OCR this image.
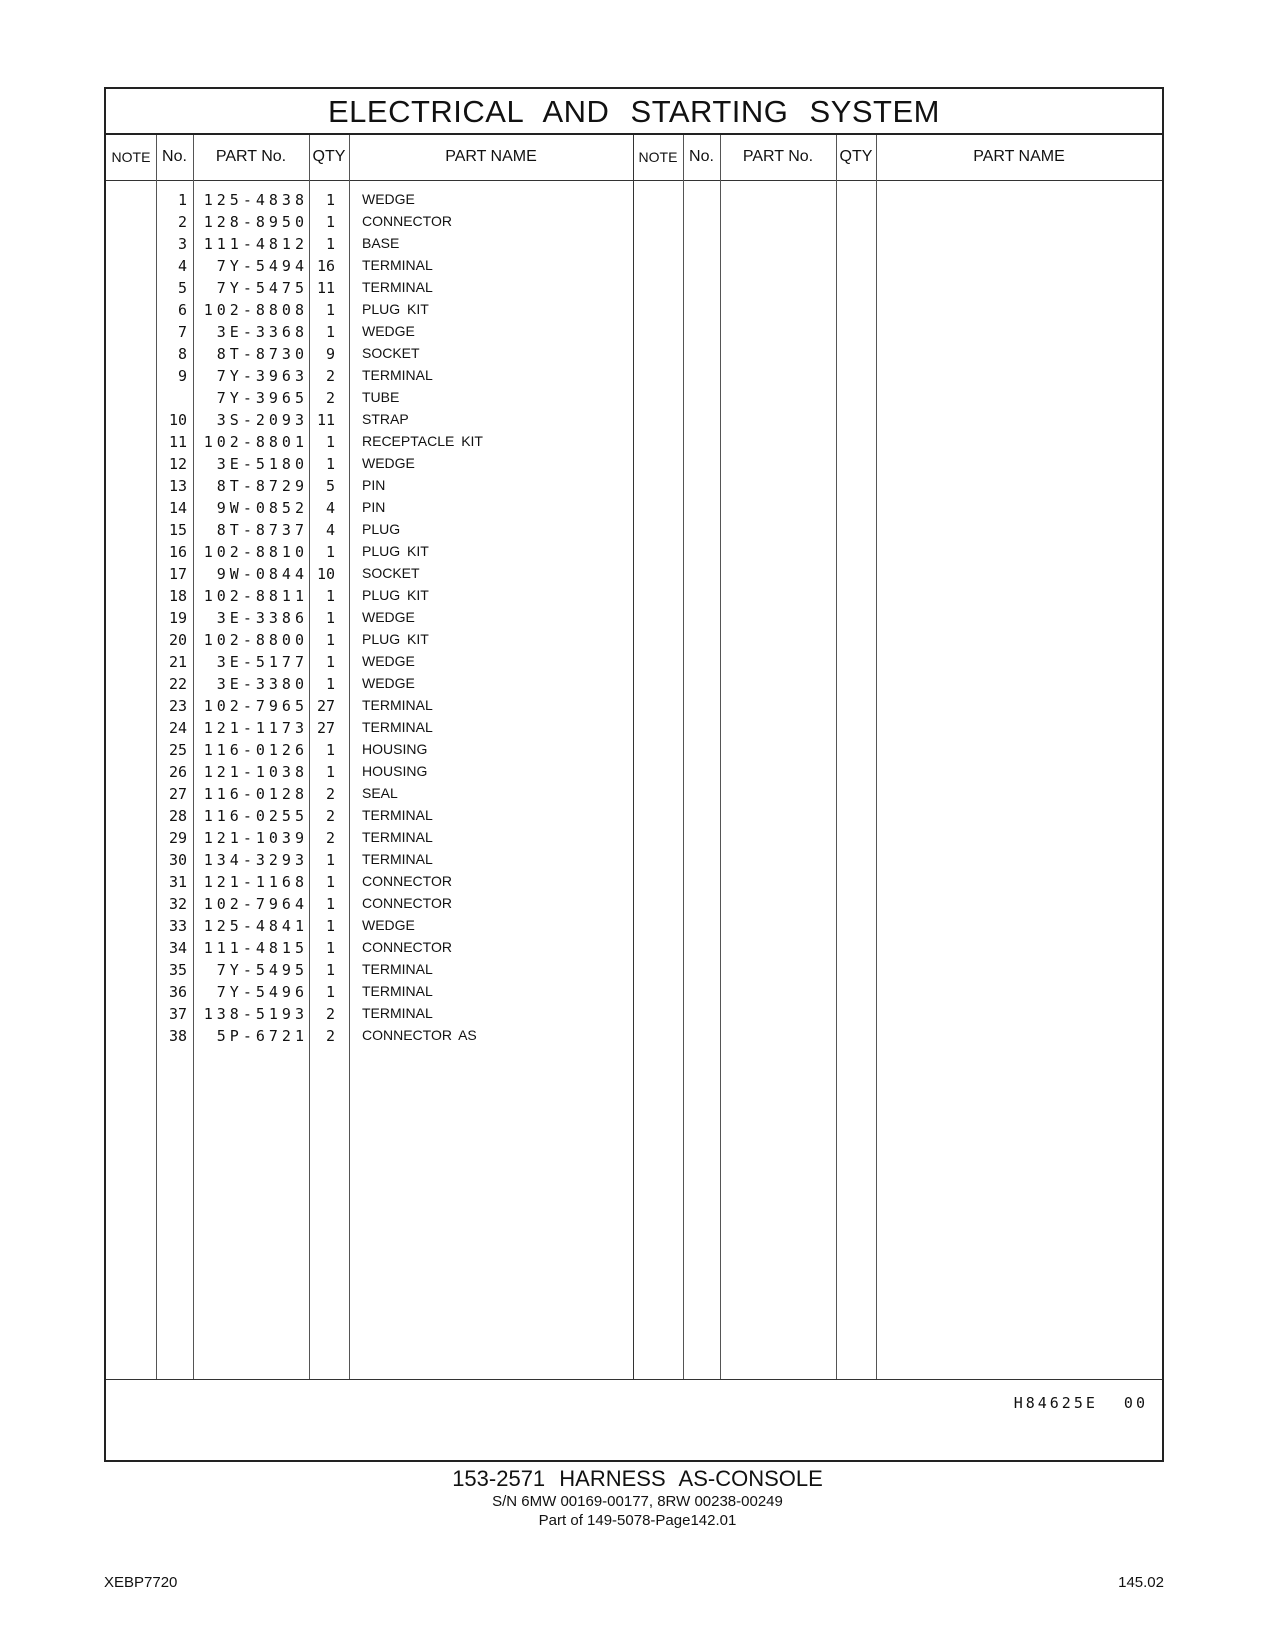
ELECTRICAL AND STARTING SYSTEM
NOTE No.	PART No.	QTY	PART NAME	NOTE No.	PART No.	QTY	PART NAME
1	125-4838	1 WEDGE
2	128-8950	1 CONNECTOR
3	111-4812	1 BASE
4	7Y-5494 16 TERMINAL
5	7Y-5475 11 TERMINAL
6	102-8808	1 PLUG KIT
7	3E-3368	1 WEDGE
8	8T-8730	9 SOCKET
9	7Y-3963	2 TERMINAL
7Y-3965	2 TUBE
10	3S-2093 11 STRAP
11	102-8801	1 RECEPTACLE KIT
12	3E-5180	1 WEDGE
13	8T-8729	5 PIN
14	9W-0852	4 PIN
15	8T-8737	4 PLUG
16	102-8810	1 PLUG KIT
17	9W-0844 10 SOCKET
18	102-8811	1 PLUG KIT
19	3E-3386	1 WEDGE
20	102-8800	1 PLUG KIT
21	3E-5177	1 WEDGE
22	3E-3380	1 WEDGE
23	102-7965 27 TERMINAL
24	121-1173 27 TERMINAL
25	116-0126	1 HOUSING
26	121-1038	1 HOUSING
27	116-0128	2 SEAL
28	116-0255	2 TERMINAL
29	121-1039	2 TERMINAL
30	134-3293	1 TERMINAL
31	121-1168	1 CONNECTOR
32	102-7964	1 CONNECTOR
33	125-4841	1 WEDGE
34	111-4815	1 CONNECTOR
35	7Y-5495	1 TERMINAL
36	7Y-5496	1 TERMINAL
37	138-5193	2 TERMINAL
38	5P-6721	2 CONNECTOR AS
H84625E 00
153-2571 HARNESS AS-CONSOLE
S/N 6MW 00169-00177, 8RW 00238-00249
Part of 149-5078-Page142.01
XEBP7720	145.02
